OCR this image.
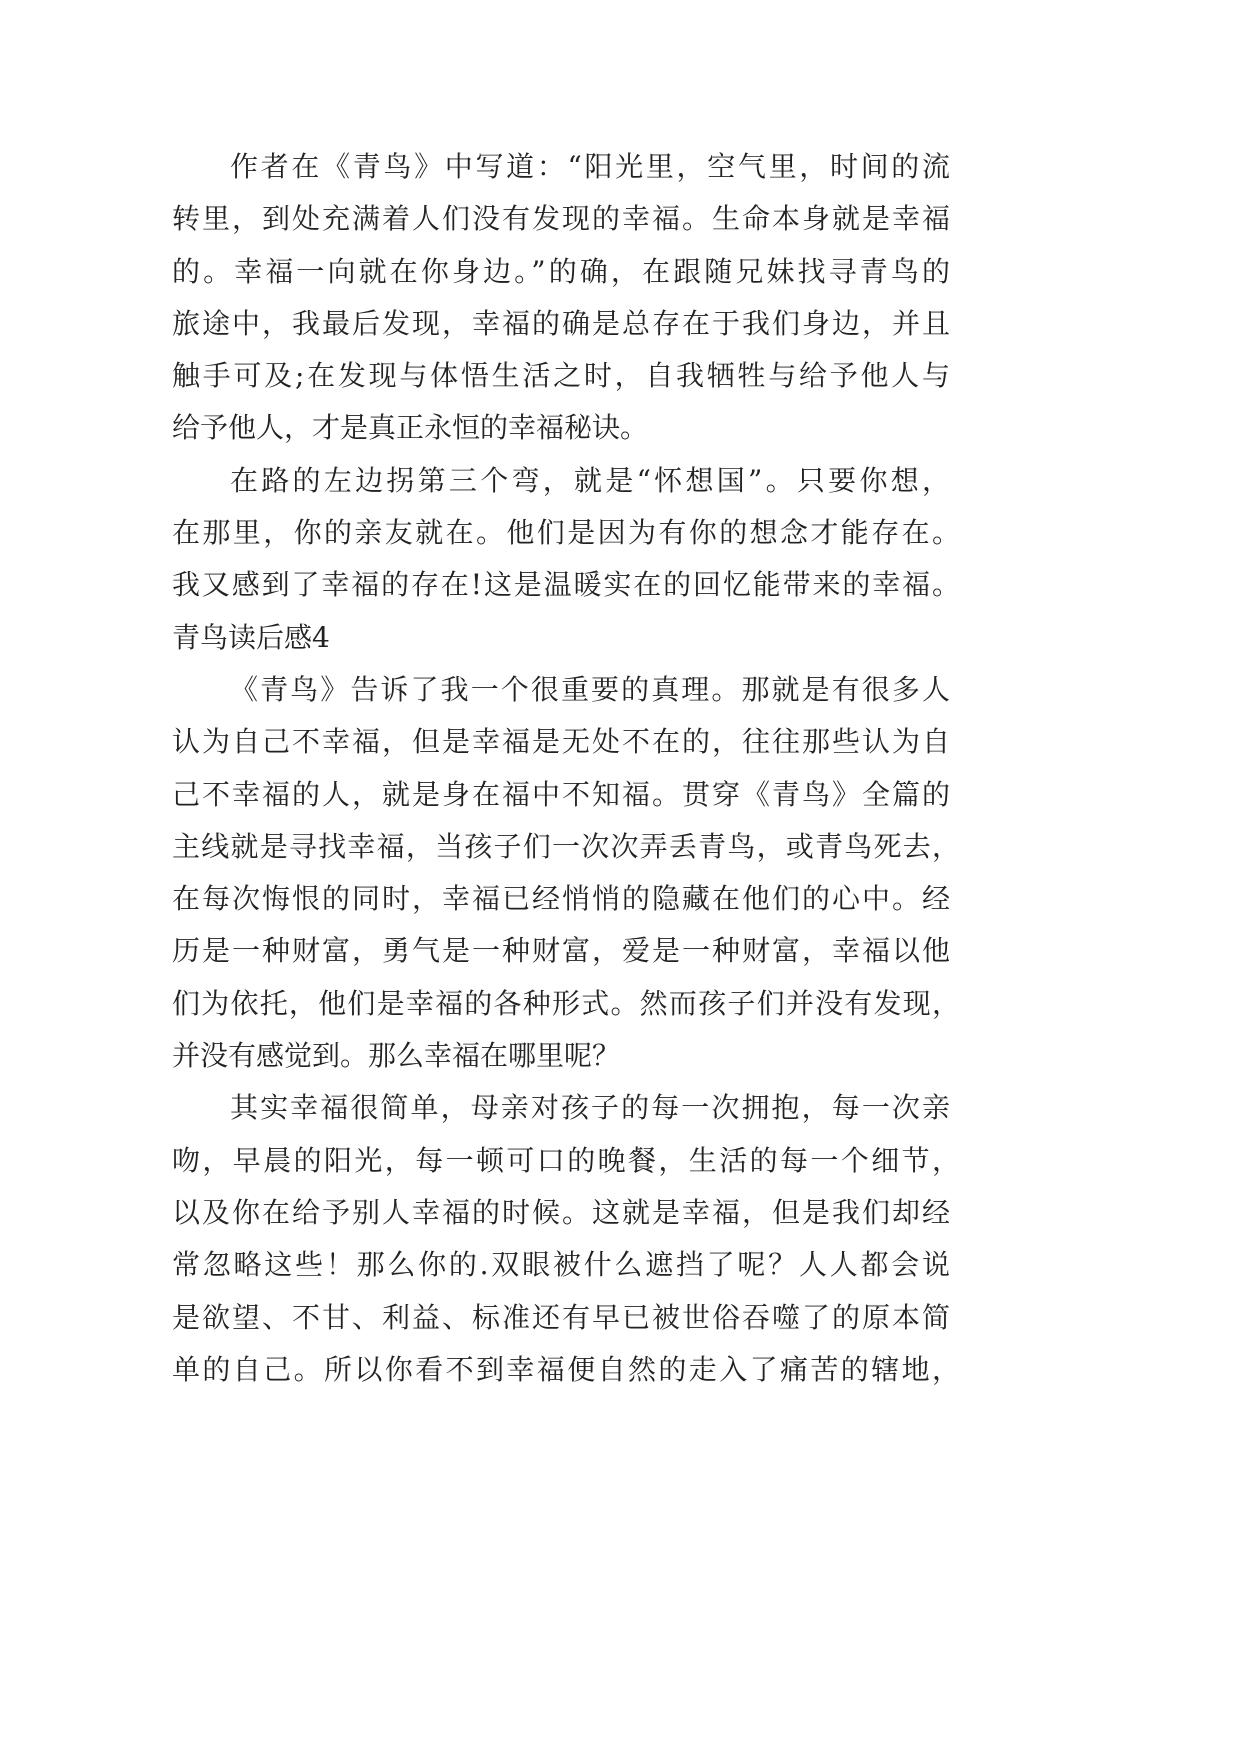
作者在《青鸟》中写道：“阳光里，空气里，时间的流
转里，到处充满着人们没有发现的幸福。生命本身就是幸福
的。幸福一向就在你身边。”的确，在跟随兄妹找寻青鸟的
旅途中，我最后发现，幸福的确是总存在于我们身边，并且
触手可及;在发现与体悟生活之时，自我牺牲与给予他人与
给予他人，才是真正永恒的幸福秘诀。
在路的左边拐第三个弯，就是“怀想国”。只要你想，
在那里，你的亲友就在。他们是因为有你的想念才能存在。
我又感到了幸福的存在!这是温暖实在的回忆能带来的幸福。
青鸟读后感4
《青鸟》告诉了我一个很重要的真理。那就是有很多人
认为自己不幸福，但是幸福是无处不在的，往往那些认为自
己不幸福的人，就是身在福中不知福。贯穿《青鸟》全篇的
主线就是寻找幸福，当孩子们一次次弄丢青鸟，或青鸟死去，
在每次悔恨的同时，幸福已经悄悄的隐藏在他们的心中。经
历是一种财富，勇气是一种财富，爱是一种财富，幸福以他
们为依托，他们是幸福的各种形式。然而孩子们并没有发现，
并没有感觉到。那么幸福在哪里呢？
其实幸福很简单，母亲对孩子的每一次拥抱，每一次亲
吻，早晨的阳光，每一顿可口的晚餐，生活的每一个细节，
以及你在给予别人幸福的时候。这就是幸福，但是我们却经
常忽略这些！那么你的.双眼被什么遮挡了呢？人人都会说
是欲望、不甘、利益、标准还有早已被世俗吞噬了的原本简
单的自己。所以你看不到幸福便自然的走入了痛苦的辖地，
